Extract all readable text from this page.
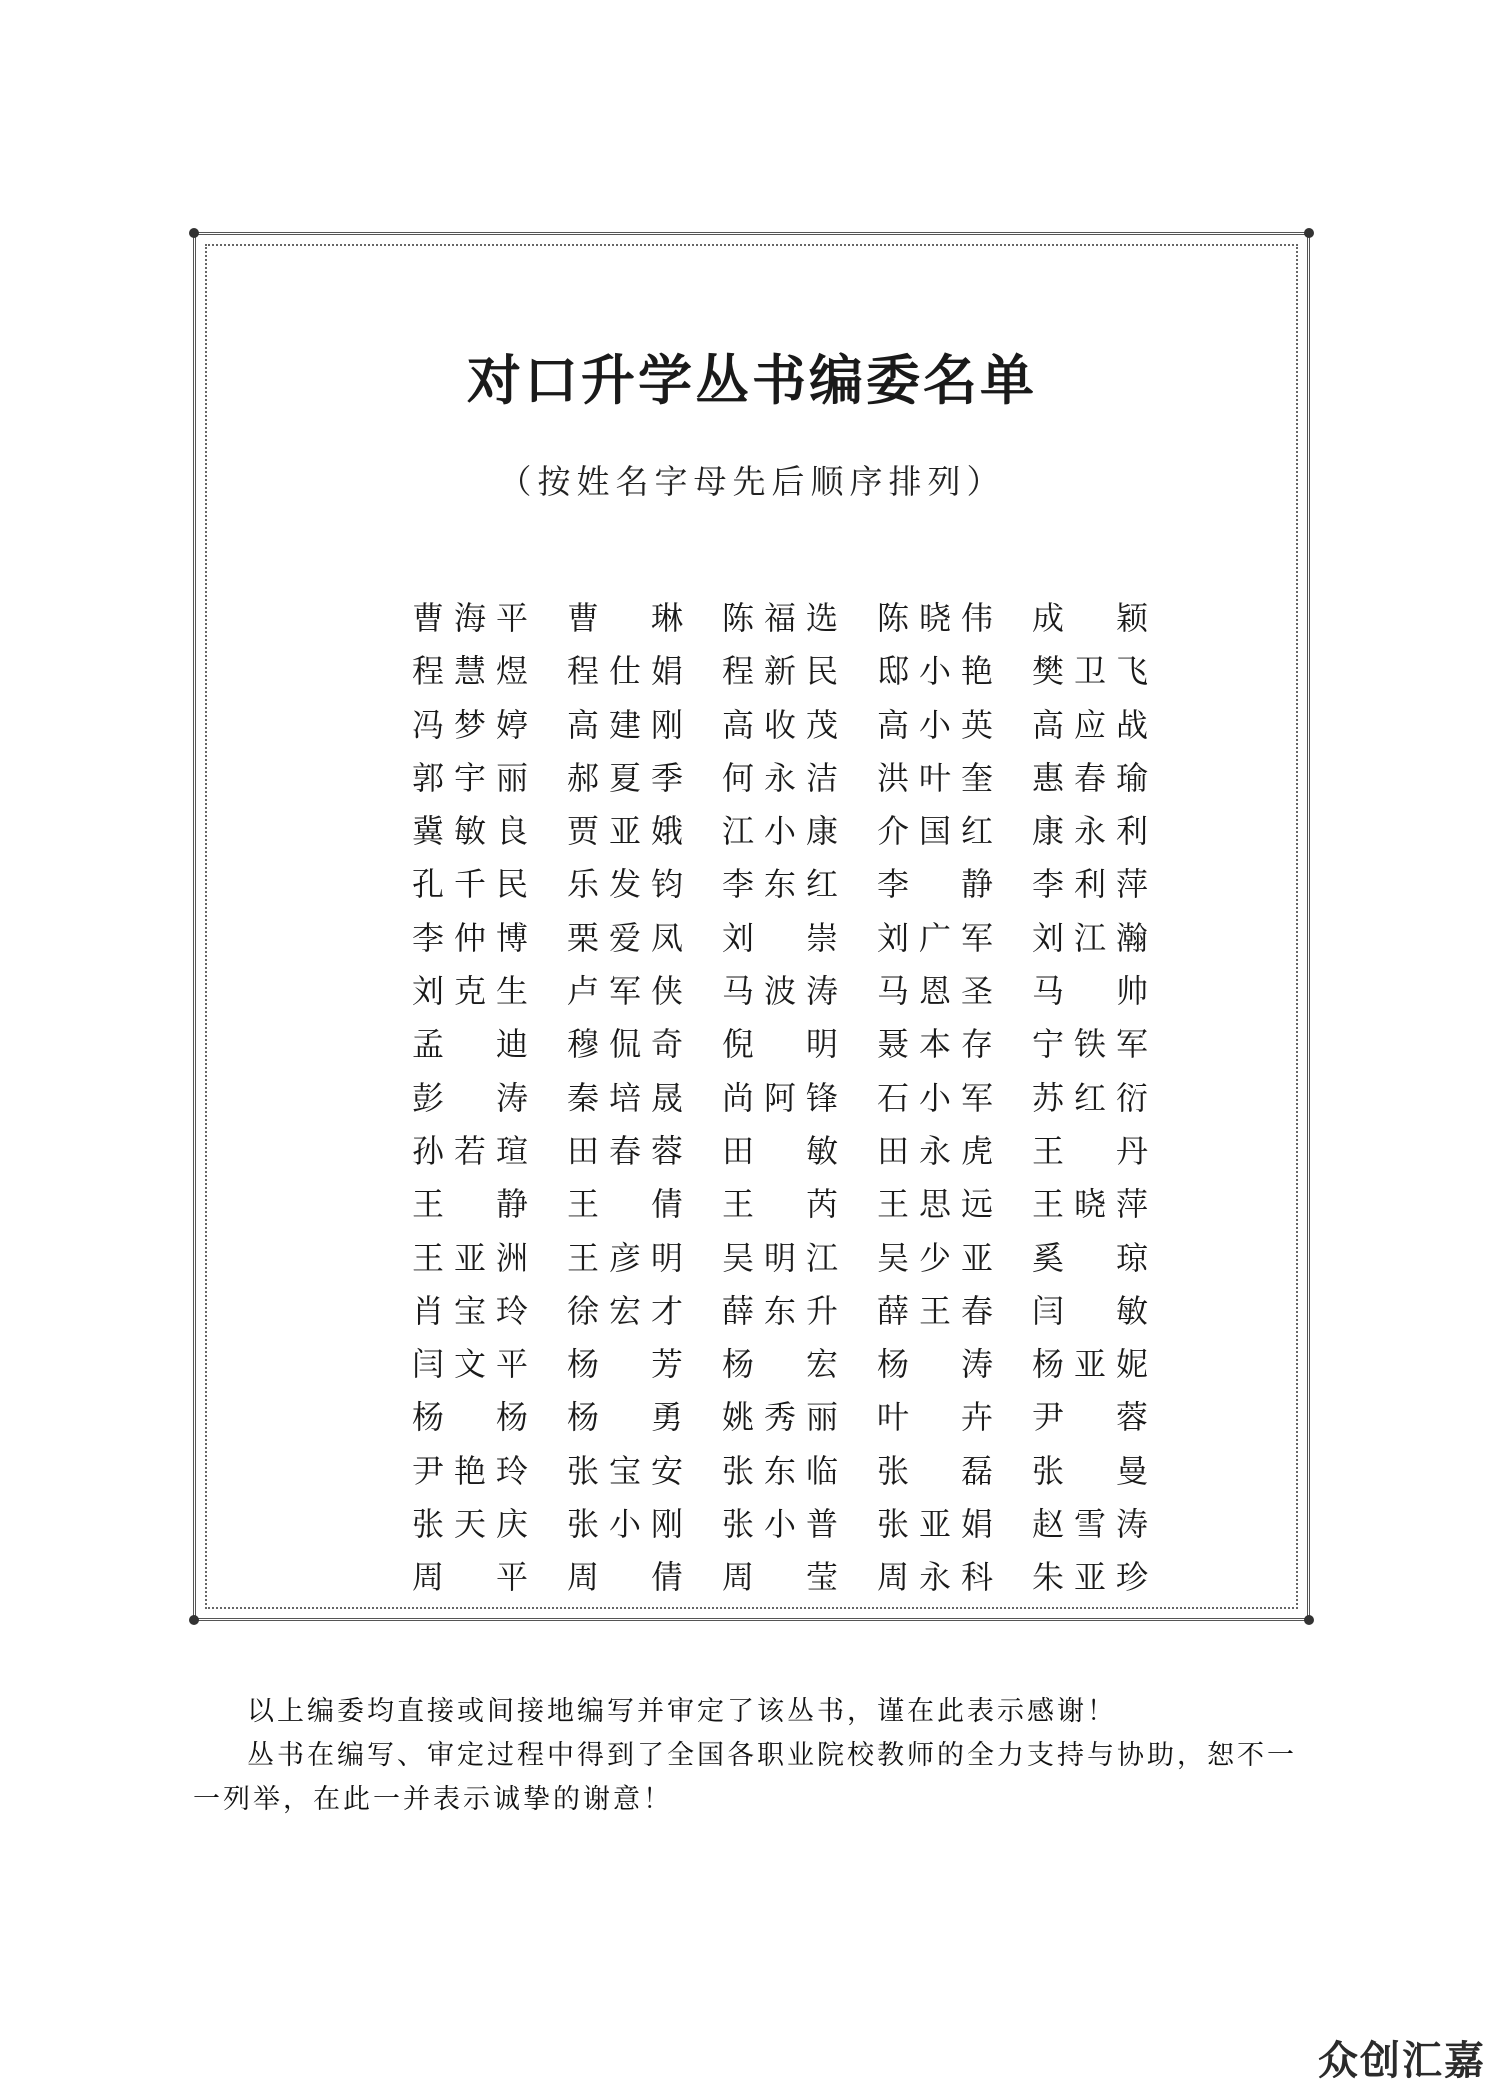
对口升学丛书编委名单
（按姓名字母先后顺序排列）
曹 海 平 曹 琳 陈 福 选 陈 晓 伟 成 颖
程 慧 煜 程 仕 娟 程 新 民 邸 小 艳 樊 卫 飞
冯 梦 婷 高 建 刚 高 收 茂 高 小 英 高 应 战
郭 宇 丽 郝 夏 季 何 永 洁 洪 叶 奎 惠 春 瑜
冀 敏 良 贾 亚 娥 江 小 康 介 国 红 康 永 利
孔 千 民 乐 发 钧 李 东 红 李 静 李 利 萍
李 仲 博 栗 爱 凤 刘 崇 刘 广 军 刘 江 瀚
刘 克 生 卢 军 侠 马 波 涛 马 恩 圣 马 帅
孟 迪 穆 侃 奇 倪 明 聂 本 存 宁 铁 军
彭 涛 秦 培 晟 尚 阿 锋 石 小 军 苏 红 衍
孙 若 瑄 田 春 蓉 田 敏 田 永 虎 王 丹
王 静 王 倩 王 芮 王 思 远 王 晓 萍
王 亚 洲 王 彦 明 吴 明 江 吴 少 亚 奚 琼
肖 宝 玲 徐 宏 才 薛 东 升 薛 王 春 闫 敏
闫 文 平 杨 芳 杨 宏 杨 涛 杨 亚 妮
杨 杨 杨 勇 姚 秀 丽 叶 卉 尹 蓉
尹 艳 玲 张 宝 安 张 东 临 张 磊 张 曼
张 天 庆 张 小 刚 张 小 普 张 亚 娟 赵 雪 涛
周 平 周 倩 周 莹 周 永 科 朱 亚 珍

以上编委均直接或间接地编写并审定了该丛书，谨在此表示感谢！

丛书在编写、审定过程中得到了全国各职业院校教师的全力支持与协助，恕不一一列举，在此一并表示诚挚的谢意！

众创汇嘉
